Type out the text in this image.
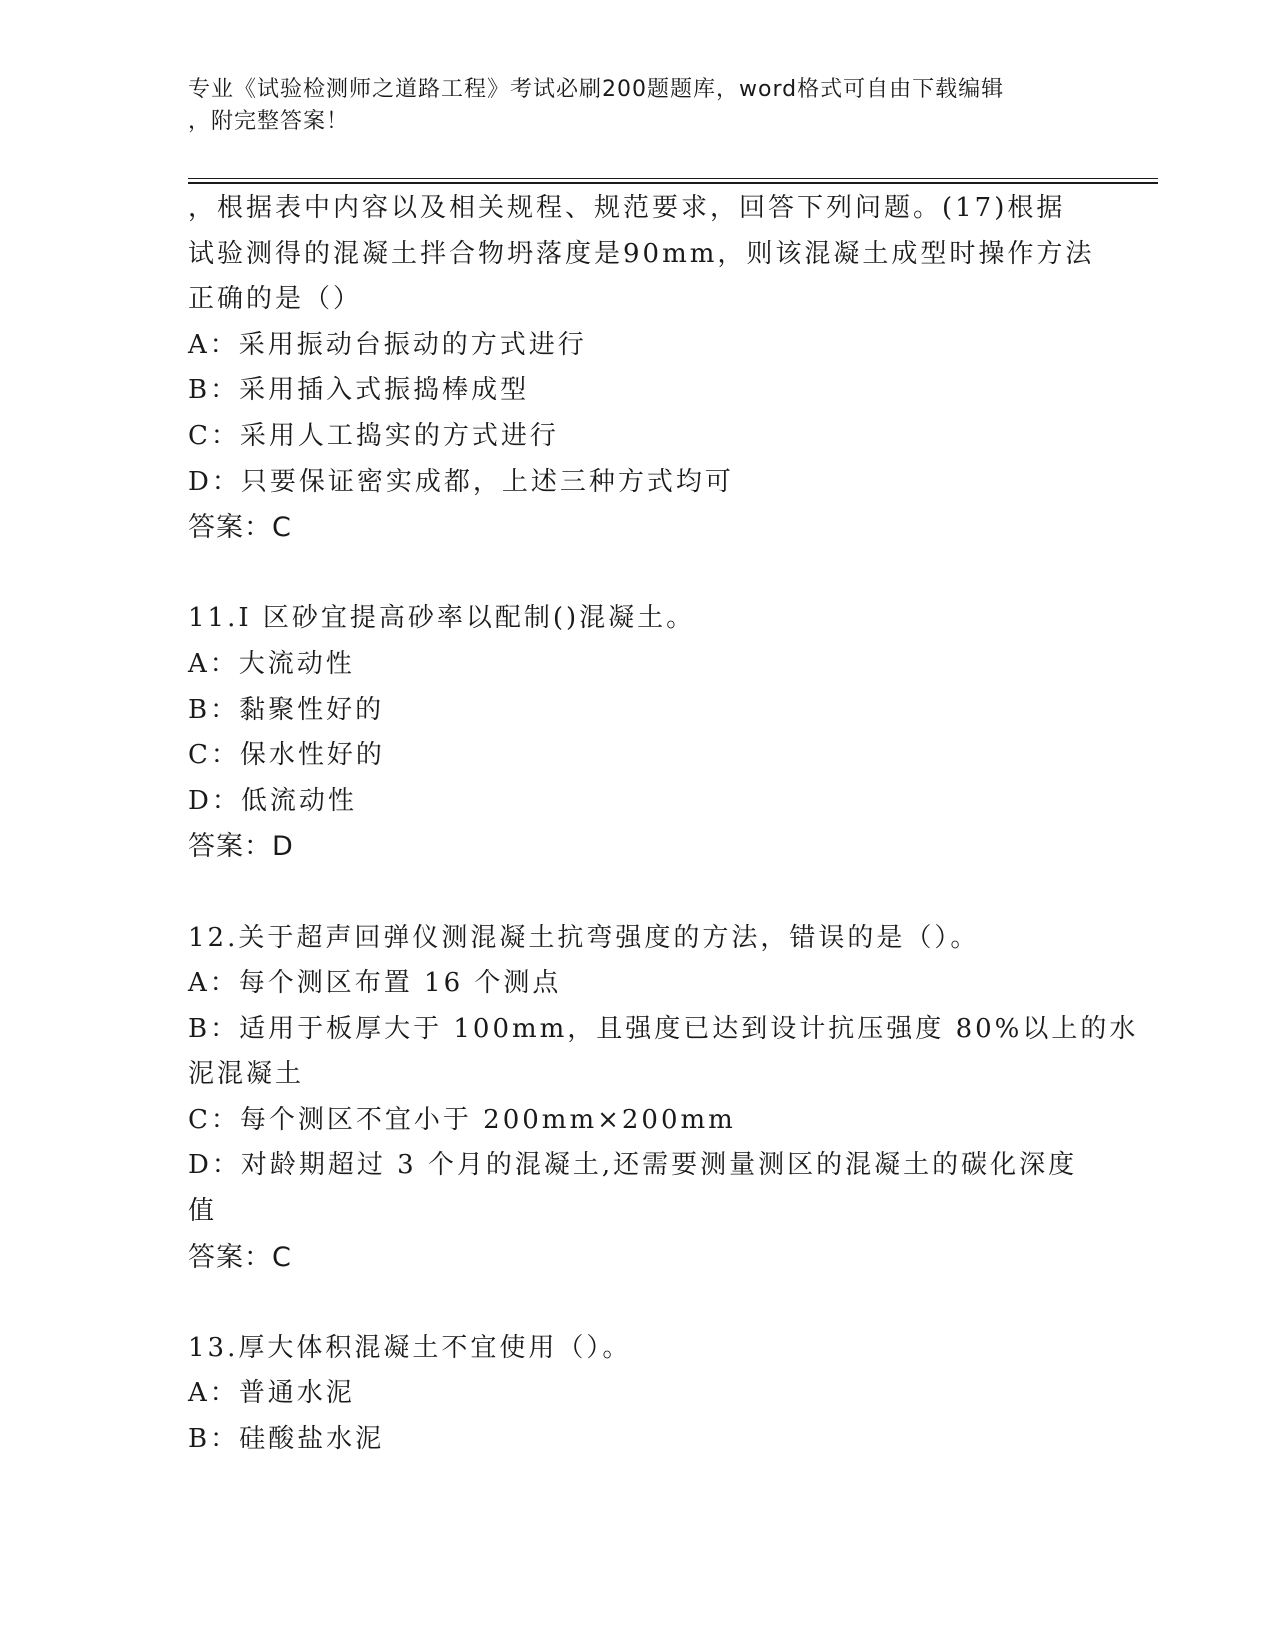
专业《试验检测师之道路工程》考试必刷200题题库，word格式可自由下载编辑
，附完整答案！
，根据表中内容以及相关规程、规范要求，回答下列问题。(17)根据
试验测得的混凝土拌合物坍落度是90mm，则该混凝土成型时操作方法
正确的是（）
A：采用振动台振动的方式进行
B：采用插入式振捣棒成型
C：采用人工捣实的方式进行
D：只要保证密实成都，上述三种方式均可
答案：C
11.I 区砂宜提高砂率以配制()混凝土。
A：大流动性
B：黏聚性好的
C：保水性好的
D：低流动性
答案：D
12.关于超声回弹仪测混凝土抗弯强度的方法，错误的是（）。
A：每个测区布置 16 个测点
B：适用于板厚大于 100mm，且强度已达到设计抗压强度 80%以上的水
泥混凝土
C：每个测区不宜小于 200mm×200mm
D：对龄期超过 3 个月的混凝土,还需要测量测区的混凝土的碳化深度
值
答案：C
13.厚大体积混凝土不宜使用（）。
A：普通水泥
B：硅酸盐水泥
